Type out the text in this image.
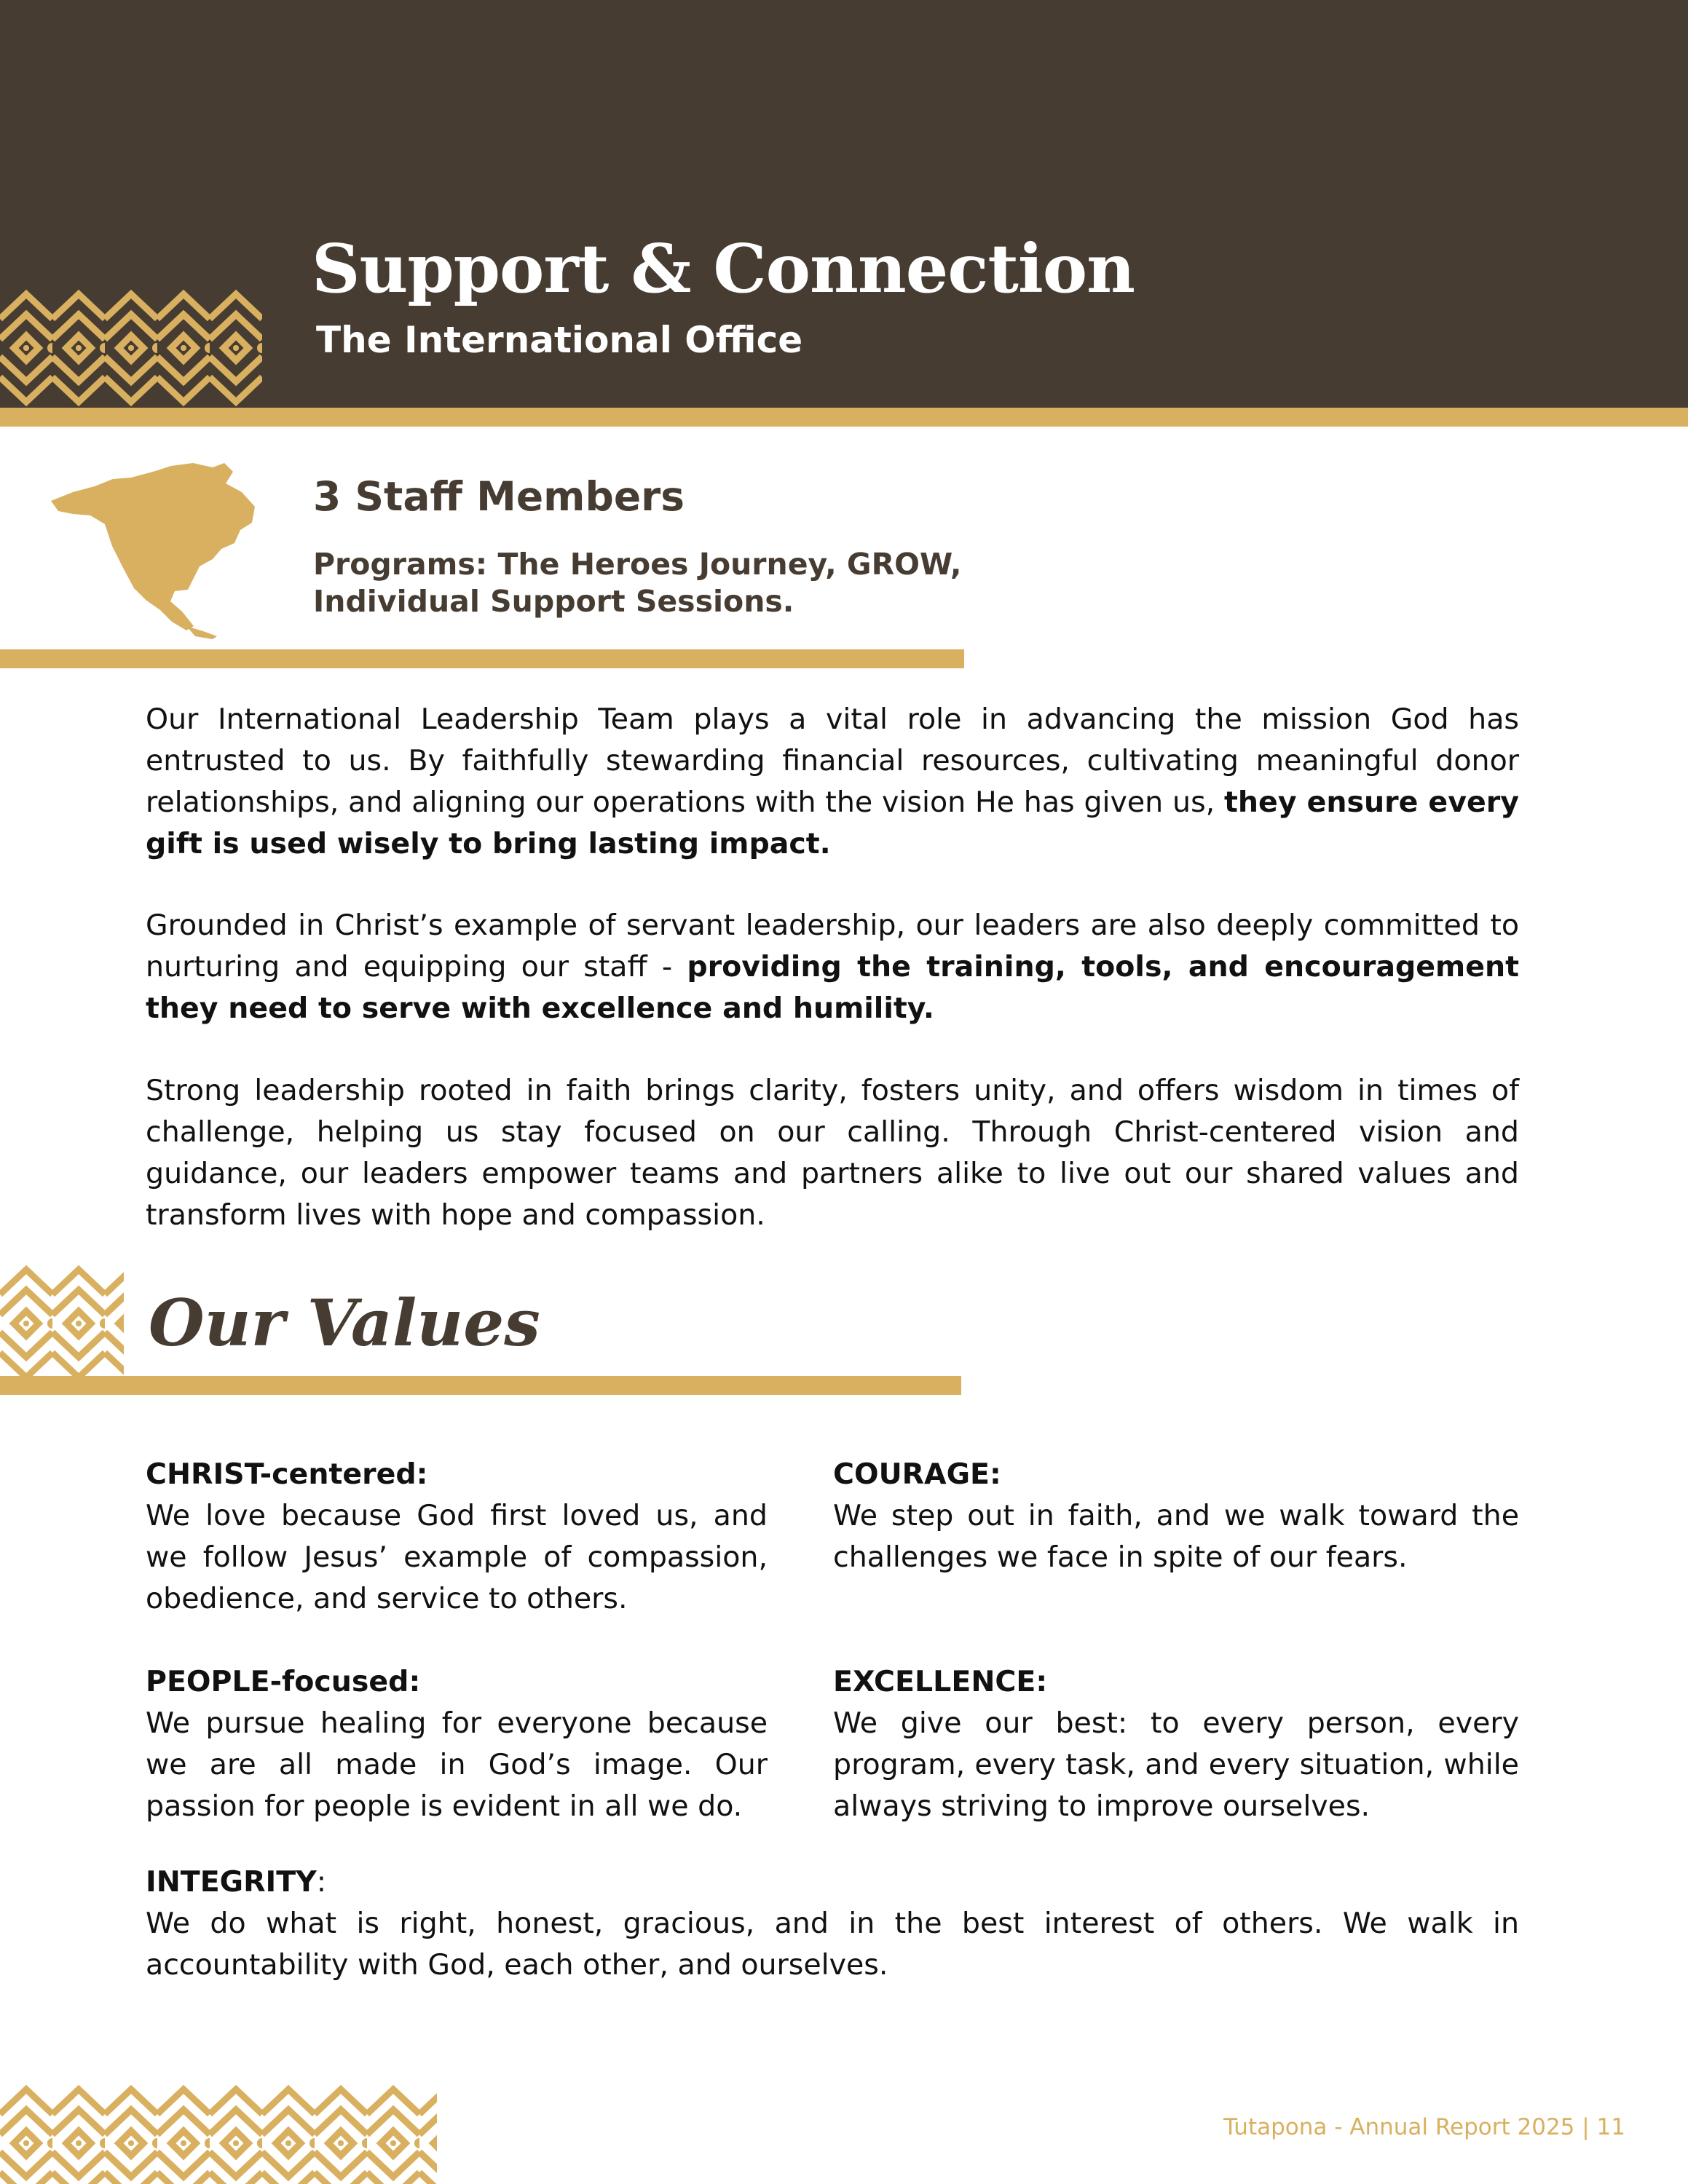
Support & Connection
The International Office

3 Staff Members

Programs: The Heroes Journey, GROW,
Individual Support Sessions.

Our International Leadership Team plays a vital role in advancing the mission God has entrusted to us. By faithfully stewarding financial resources, cultivating meaningful donor relationships, and aligning our operations with the vision He has given us, they ensure every gift is used wisely to bring lasting impact.

Grounded in Christ’s example of servant leadership, our leaders are also deeply committed to nurturing and equipping our staff - providing the training, tools, and encouragement they need to serve with excellence and humility.

Strong leadership rooted in faith brings clarity, fosters unity, and offers wisdom in times of challenge, helping us stay focused on our calling. Through Christ-centered vision and guidance, our leaders empower teams and partners alike to live out our shared values and transform lives with hope and compassion.

Our Values

CHRIST-centered:
We love because God first loved us, and we follow Jesus’ example of compassion, obedience, and service to others.

COURAGE:
We step out in faith, and we walk toward the challenges we face in spite of our fears.

PEOPLE-focused:
We pursue healing for everyone because we are all made in God’s image. Our passion for people is evident in all we do.

EXCELLENCE:
We give our best: to every person, every program, every task, and every situation, while always striving to improve ourselves.

INTEGRITY:
We do what is right, honest, gracious, and in the best interest of others. We walk in accountability with God, each other, and ourselves.

Tutapona - Annual Report 2025 | 11
